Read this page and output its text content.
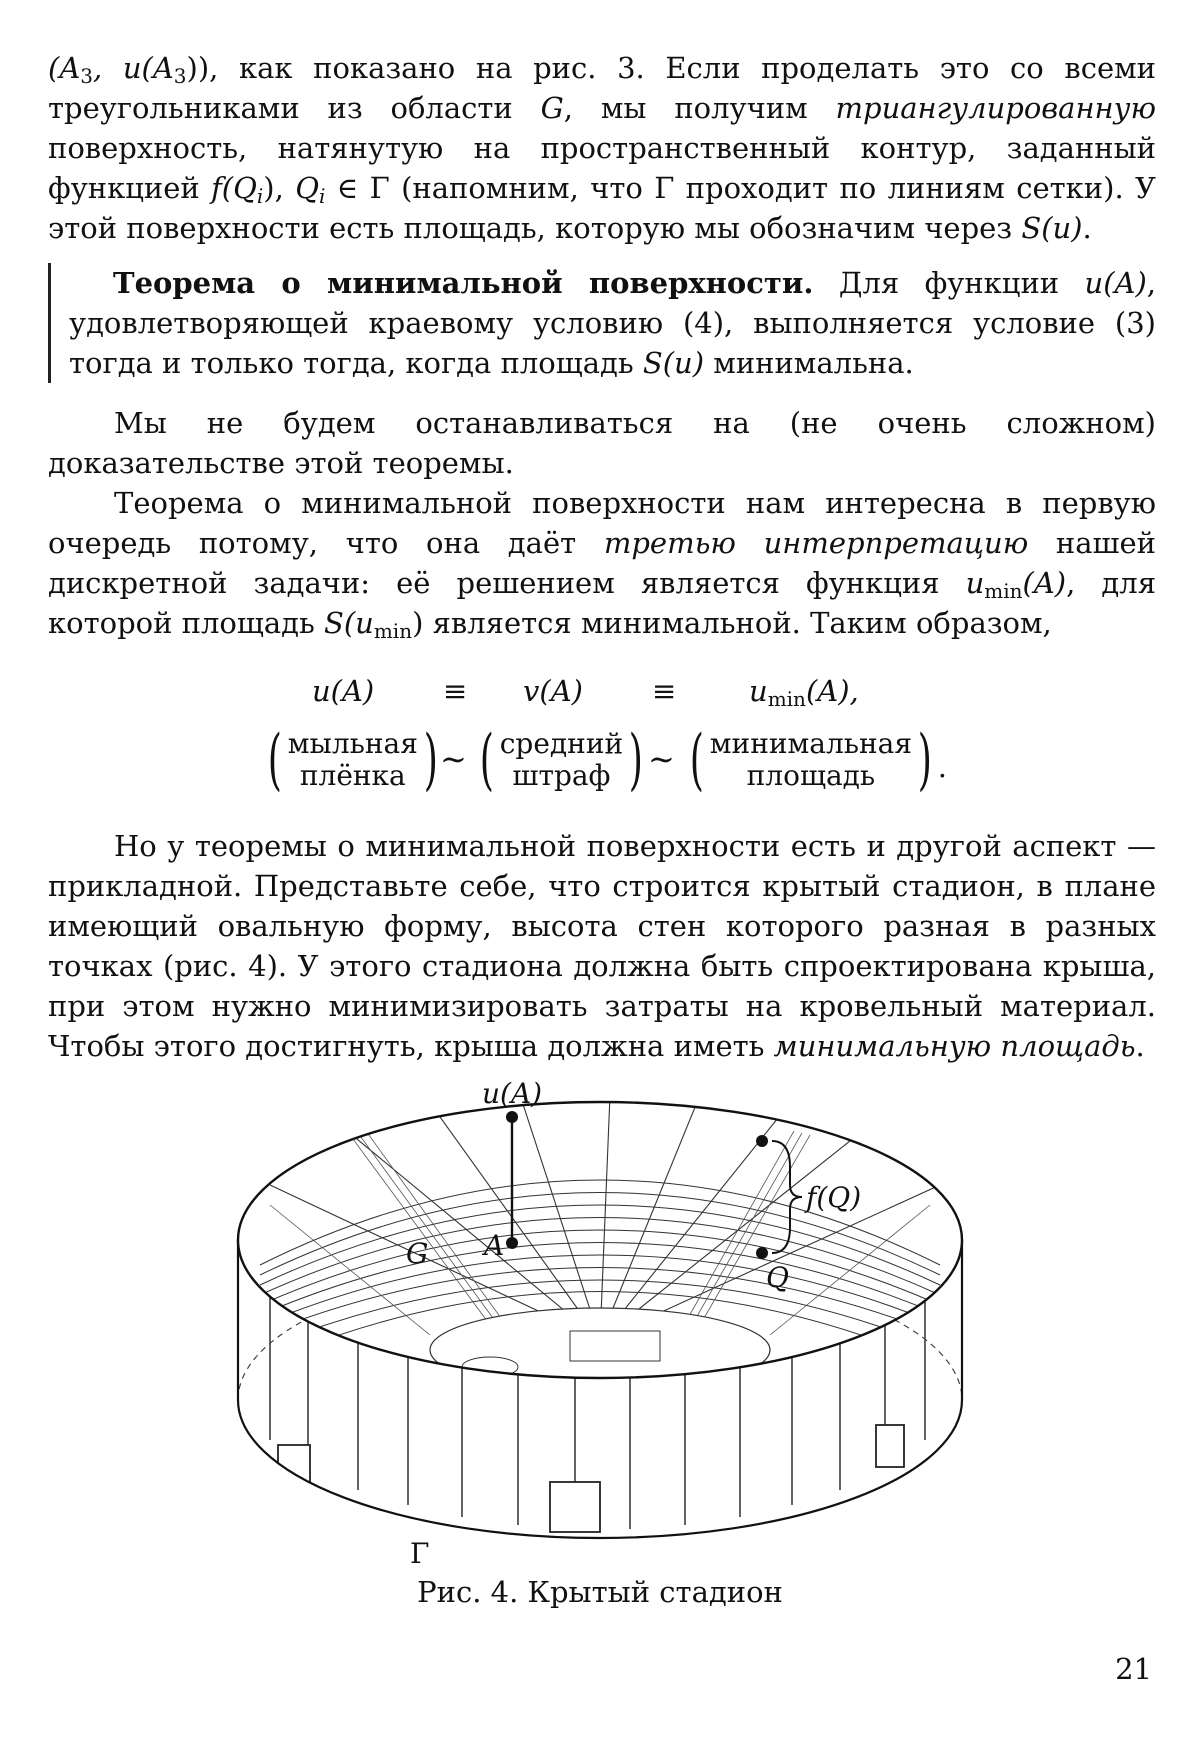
(A3, u(A3)), как показано на рис. 3. Если проделать это со всеми треугольниками из области G, мы получим триангулированную поверхность, натянутую на пространственный контур, заданный функцией f(Qi), Qi ∈ Γ (напомним, что Γ проходит по линиям сетки). У этой поверхности есть площадь, которую мы обозначим через S(u).

Теорема о минимальной поверхности. Для функции u(A), удовлетворяющей краевому условию (4), выполняется условие (3) тогда и только тогда, когда площадь S(u) минимальна.

Мы не будем останавливаться на (не очень сложном) доказательстве этой теоремы.

Теорема о минимальной поверхности нам интересна в первую очередь потому, что она даёт третью интерпретацию нашей дискретной задачи: её решением является функция umin(A), для которой площадь S(umin) является минимальной. Таким образом,

u(A) ≡ v(A) ≡	umin(A),
( мыльная
плёнка ) ∼ ( средний
штраф ) ∼ ( минимальная
площадь ) .

Но у теоремы о минимальной поверхности есть и другой аспект — прикладной. Представьте себе, что строится крытый стадион, в плане имеющий овальную форму, высота стен которого разная в разных точках (рис. 4). У этого стадиона должна быть спроектирована крыша, при этом нужно минимизировать затраты на кровельный материал. Чтобы этого достигнуть, крыша должна иметь минимальную площадь.

u(A)
f(Q)
Q
G A
Γ
Рис. 4. Крытый стадион
21
